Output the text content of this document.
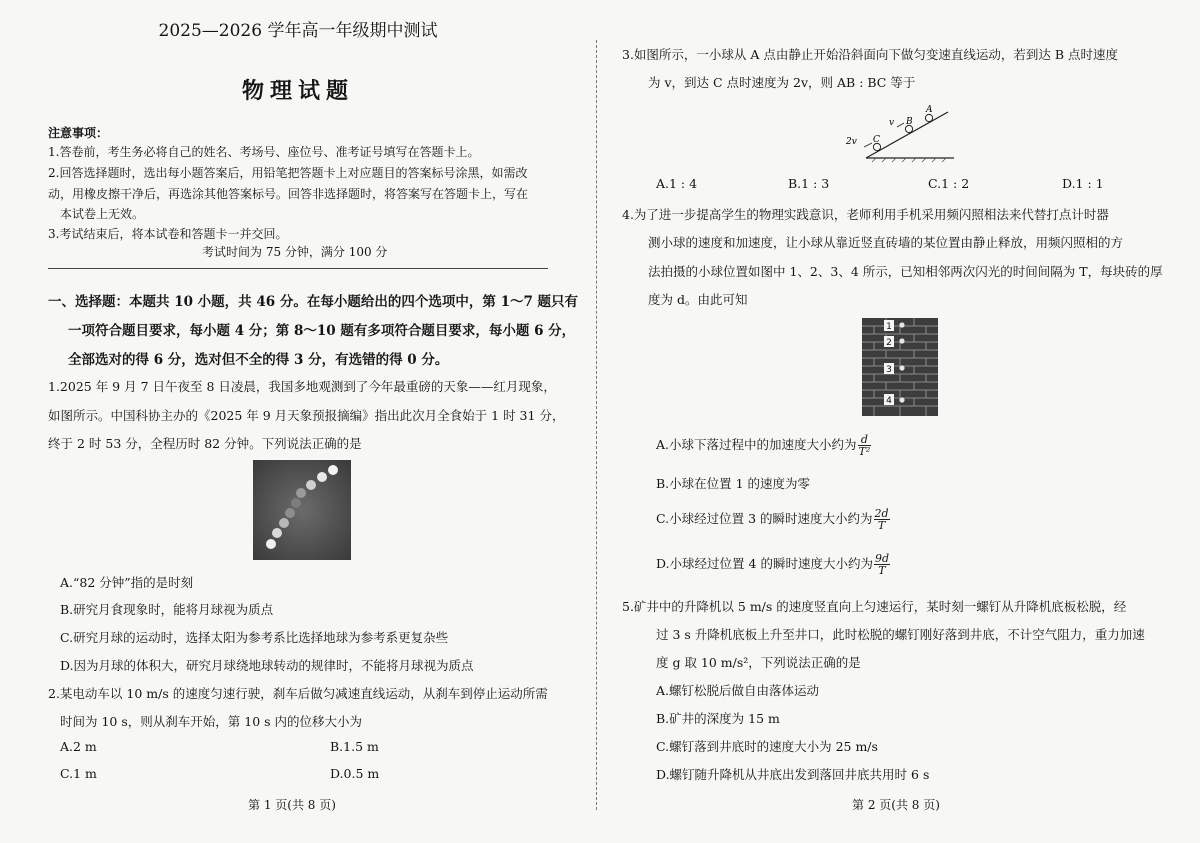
2025—2026 学年高一年级期中测试
物理试题
注意事项：
1.答卷前，考生务必将自己的姓名、考场号、座位号、准考证号填写在答题卡上。
2.回答选择题时，选出每小题答案后，用铅笔把答题卡上对应题目的答案标号涂黑，如需改
动，用橡皮擦干净后，再选涂其他答案标号。回答非选择题时，将答案写在答题卡上，写在
本试卷上无效。
3.考试结束后，将本试卷和答题卡一并交回。
考试时间为 75 分钟，满分 100 分
一、选择题：本题共 10 小题，共 46 分。在每小题给出的四个选项中，第 1～7 题只有
一项符合题目要求，每小题 4 分；第 8～10 题有多项符合题目要求，每小题 6 分，
全部选对的得 6 分，选对但不全的得 3 分，有选错的得 0 分。
1.2025 年 9 月 7 日午夜至 8 日凌晨，我国多地观测到了今年最重磅的天象——红月现象，
如图所示。中国科协主办的《2025 年 9 月天象预报摘编》指出此次月全食始于 1 时 31 分，
终于 2 时 53 分，全程历时 82 分钟。下列说法正确的是
A.“82 分钟”指的是时刻
B.研究月食现象时，能将月球视为质点
C.研究月球的运动时，选择太阳为参考系比选择地球为参考系更复杂些
D.因为月球的体积大，研究月球绕地球转动的规律时，不能将月球视为质点
2.某电动车以 10 m/s 的速度匀速行驶，刹车后做匀减速直线运动，从刹车到停止运动所需
时间为 10 s，则从刹车开始，第 10 s 内的位移大小为
A.2 m	B.1.5 m
C.1 m	D.0.5 m
第 1 页(共 8 页)
3.如图所示，一小球从 A 点由静止开始沿斜面向下做匀变速直线运动，若到达 B 点时速度
为 v，到达 C 点时速度为 2v，则 AB : BC 等于
2v
v
C
B
A
A.1 : 4	B.1 : 3	C.1 : 2	D.1 : 1
4.为了进一步提高学生的物理实践意识，老师利用手机采用频闪照相法来代替打点计时器
测小球的速度和加速度，让小球从靠近竖直砖墙的某位置由静止释放，用频闪照相的方
法拍摄的小球位置如图中 1、2、3、4 所示，已知相邻两次闪光的时间间隔为 T，每块砖的厚
度为 d。由此可知
1
2
3
4
A.小球下落过程中的加速度大小约为 $\frac{d}{\text{T²}}$
B.小球在位置 1 的速度为零
C.小球经过位置 3 的瞬时速度大小约为 $\frac{2d}{T}$
D.小球经过位置 4 的瞬时速度大小约为 $\frac{9d}{T}$
5.矿井中的升降机以 5 m/s 的速度竖直向上匀速运行，某时刻一螺钉从升降机底板松脱，经
过 3 s 升降机底板上升至井口，此时松脱的螺钉刚好落到井底，不计空气阻力，重力加速
度 g 取 10 m/s²，下列说法正确的是
A.螺钉松脱后做自由落体运动
B.矿井的深度为 15 m
C.螺钉落到井底时的速度大小为 25 m/s
D.螺钉随升降机从井底出发到落回井底共用时 6 s
第 2 页(共 8 页)
